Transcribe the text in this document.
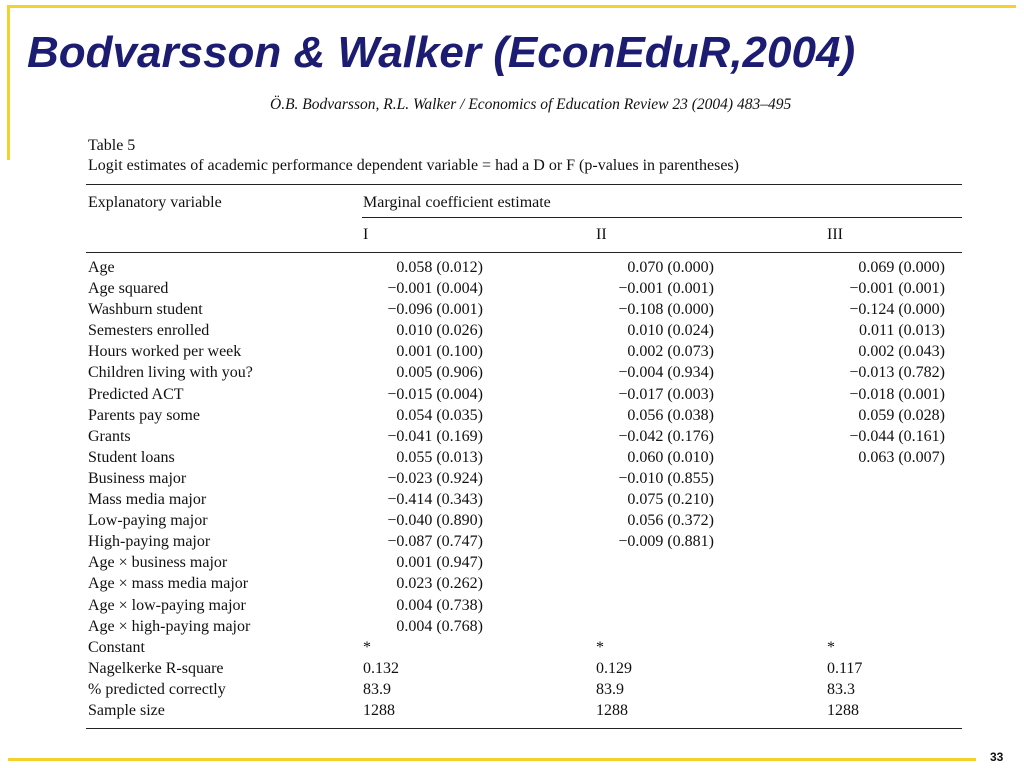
Bodvarsson & Walker (EconEduR,2004)
Ö.B. Bodvarsson, R.L. Walker / Economics of Education Review 23 (2004) 483–495
Table 5
Logit estimates of academic performance dependent variable = had a D or F (p-values in parentheses)
Explanatory variable	Marginal coefficient estimate
I	II	III
Age	0.058 (0.012)	0.070 (0.000)	0.069 (0.000)
Age squared	−0.001 (0.004)	−0.001 (0.001)	−0.001 (0.001)
Washburn student	−0.096 (0.001)	−0.108 (0.000)	−0.124 (0.000)
Semesters enrolled	0.010 (0.026)	0.010 (0.024)	0.011 (0.013)
Hours worked per week	0.001 (0.100)	0.002 (0.073)	0.002 (0.043)
Children living with you?	0.005 (0.906)	−0.004 (0.934)	−0.013 (0.782)
Predicted ACT	−0.015 (0.004)	−0.017 (0.003)	−0.018 (0.001)
Parents pay some	0.054 (0.035)	0.056 (0.038)	0.059 (0.028)
Grants	−0.041 (0.169)	−0.042 (0.176)	−0.044 (0.161)
Student loans	0.055 (0.013)	0.060 (0.010)	0.063 (0.007)
Business major	−0.023 (0.924)	−0.010 (0.855)
Mass media major	−0.414 (0.343)	0.075 (0.210)
Low-paying major	−0.040 (0.890)	0.056 (0.372)
High-paying major	−0.087 (0.747)	−0.009 (0.881)
Age × business major	0.001 (0.947)
Age × mass media major	0.023 (0.262)
Age × low-paying major	0.004 (0.738)
Age × high-paying major	0.004 (0.768)
Constant	*	*	*
Nagelkerke R-square	0.132	0.129	0.117
% predicted correctly	83.9	83.9	83.3
Sample size	1288	1288	1288
33
